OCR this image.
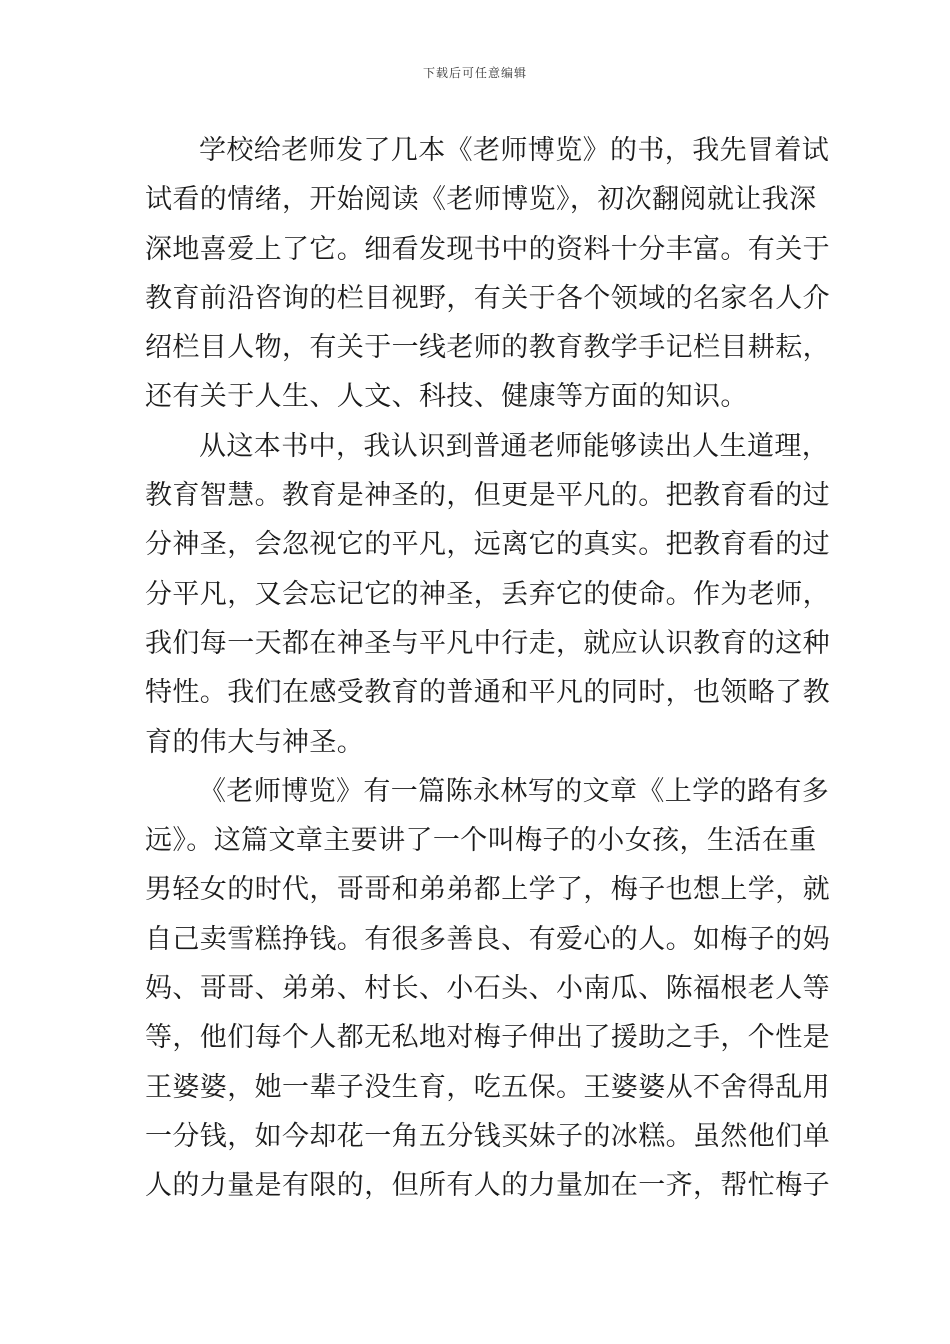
下载后可任意编辑
学校给老师发了几本《老师博览》的书，我先冒着试
试看的情绪，开始阅读《老师博览》，初次翻阅就让我深
深地喜爱上了它。细看发现书中的资料十分丰富。有关于
教育前沿咨询的栏目视野，有关于各个领域的名家名人介
绍栏目人物，有关于一线老师的教育教学手记栏目耕耘，
还有关于人生、人文、科技、健康等方面的知识。
从这本书中，我认识到普通老师能够读出人生道理，
教育智慧。教育是神圣的，但更是平凡的。把教育看的过
分神圣，会忽视它的平凡，远离它的真实。把教育看的过
分平凡，又会忘记它的神圣，丢弃它的使命。作为老师，
我们每一天都在神圣与平凡中行走，就应认识教育的这种
特性。我们在感受教育的普通和平凡的同时，也领略了教
育的伟大与神圣。
《老师博览》有一篇陈永林写的文章《上学的路有多
远》。这篇文章主要讲了一个叫梅子的小女孩，生活在重
男轻女的时代，哥哥和弟弟都上学了，梅子也想上学，就
自己卖雪糕挣钱。有很多善良、有爱心的人。如梅子的妈
妈、哥哥、弟弟、村长、小石头、小南瓜、陈福根老人等
等，他们每个人都无私地对梅子伸出了援助之手，个性是
王婆婆，她一辈子没生育，吃五保。王婆婆从不舍得乱用
一分钱，如今却花一角五分钱买妹子的冰糕。虽然他们单
人的力量是有限的，但所有人的力量加在一齐，帮忙梅子
